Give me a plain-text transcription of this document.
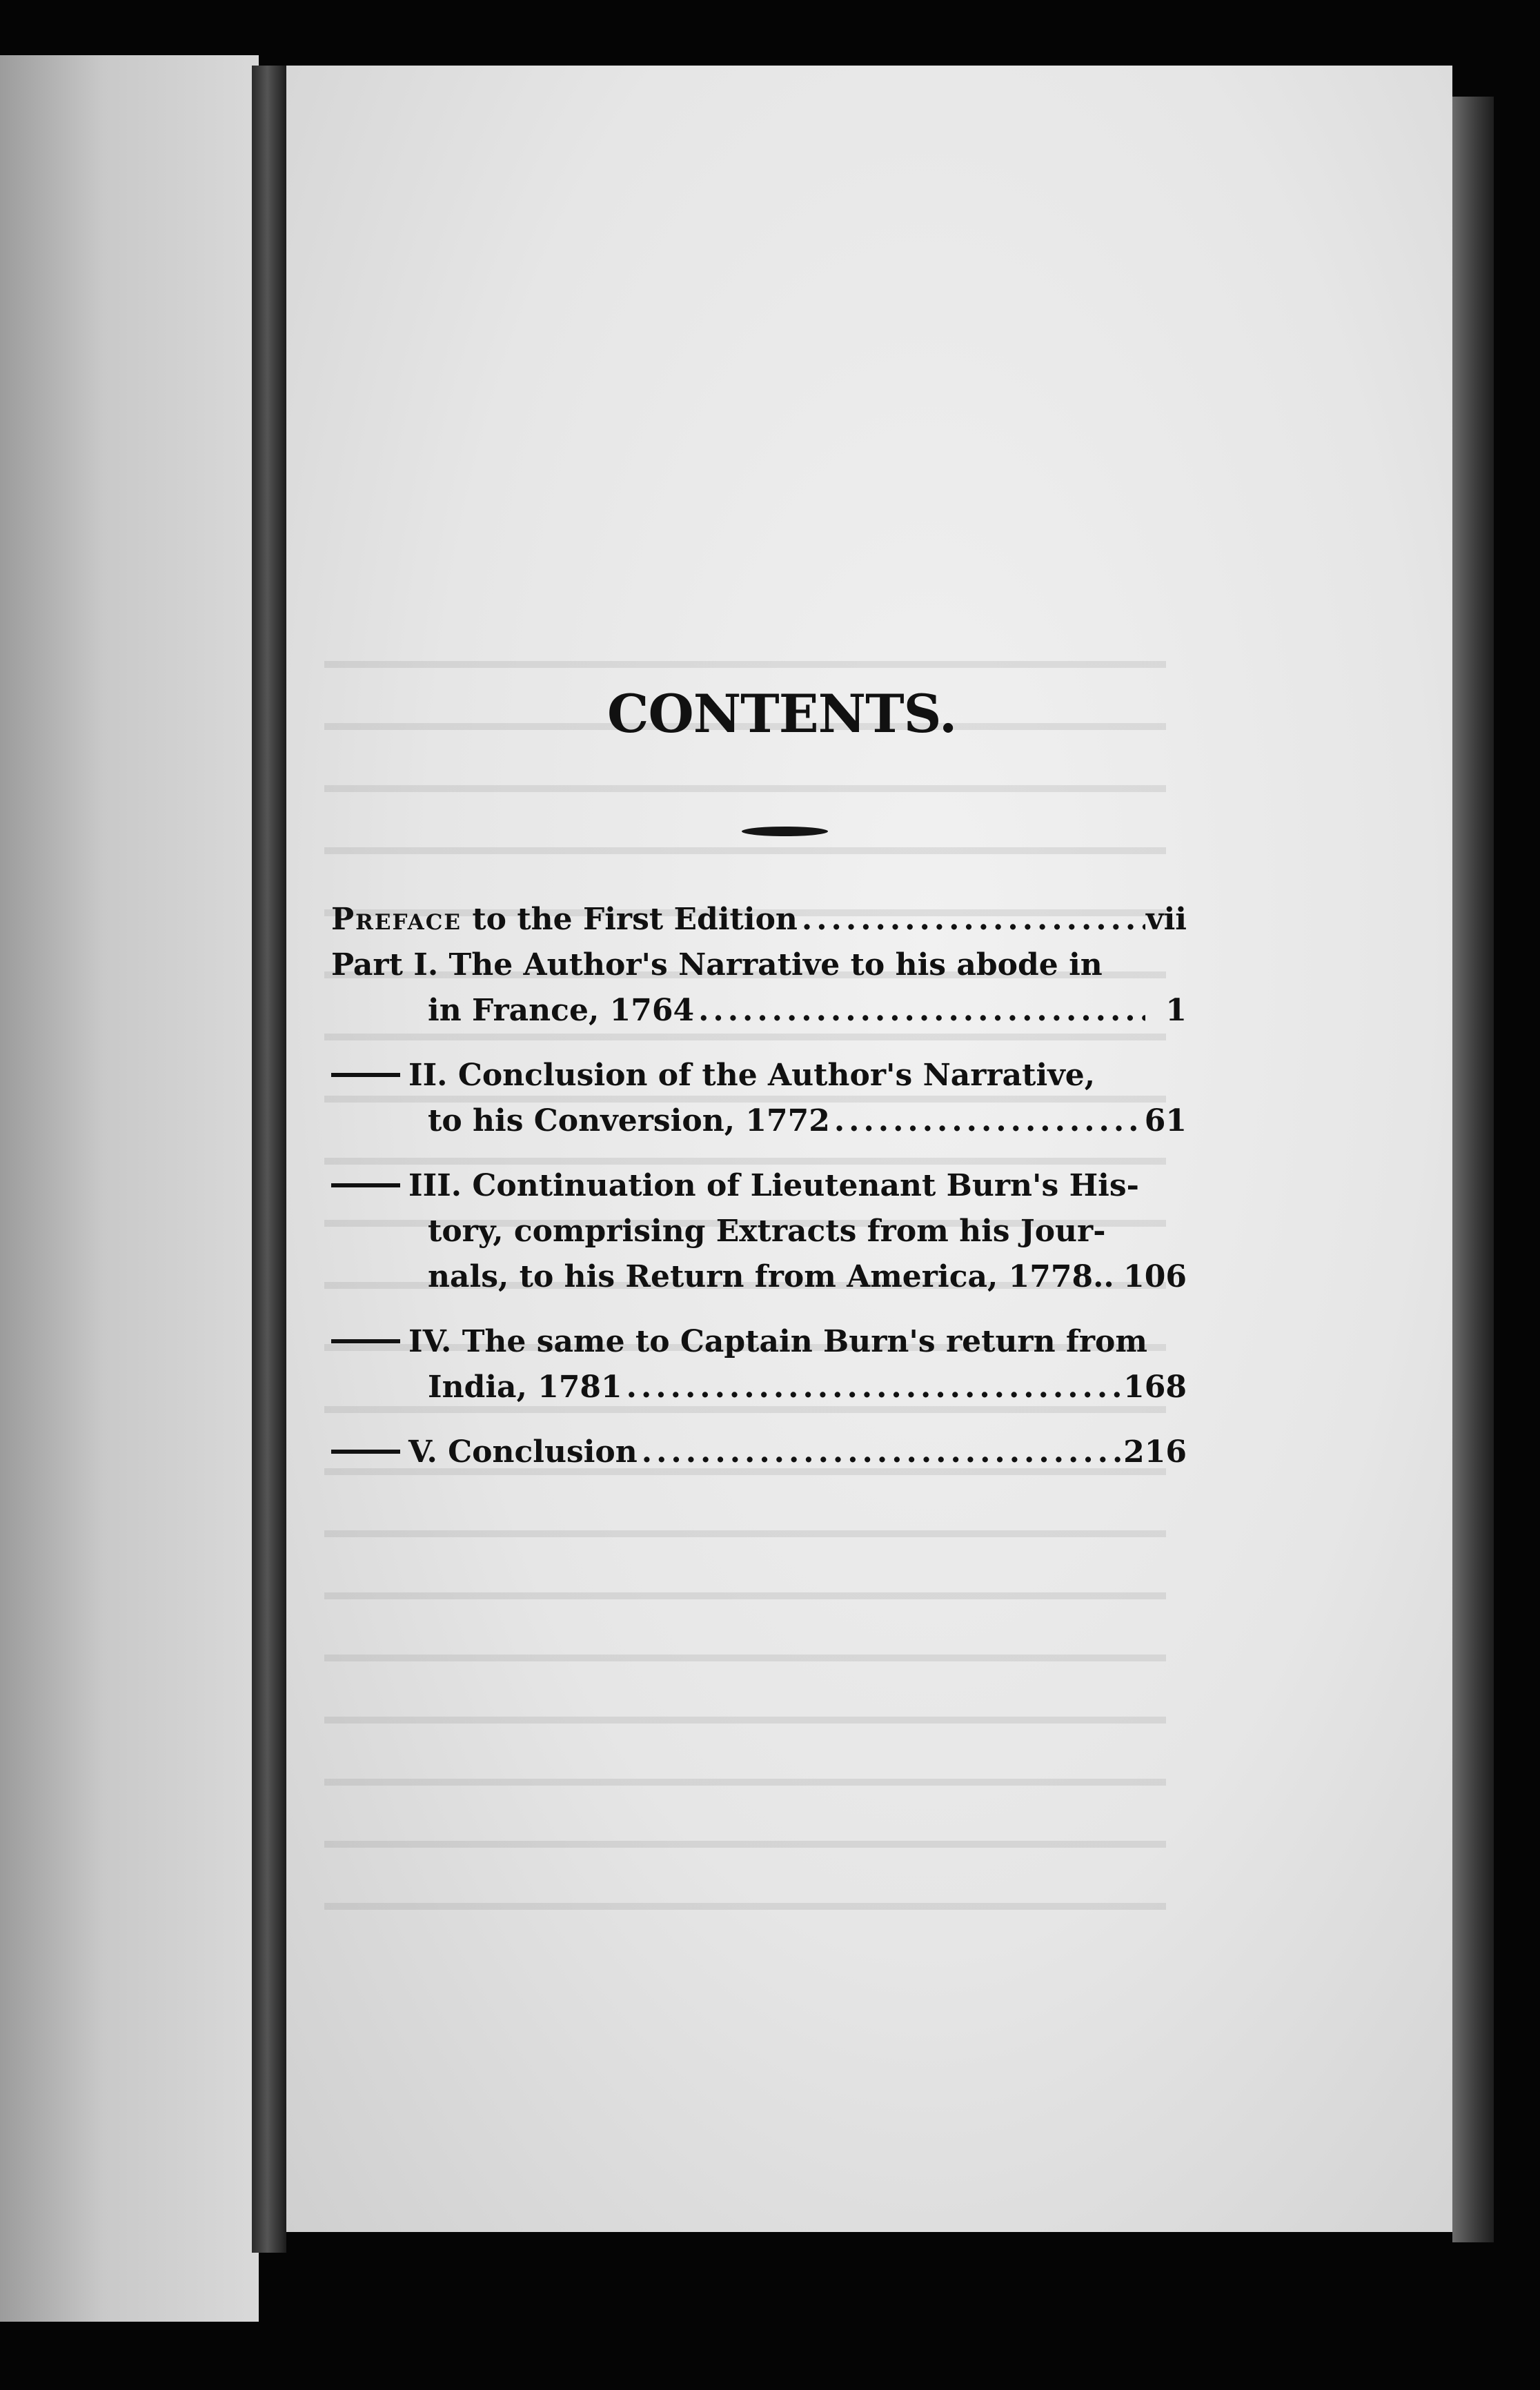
CONTENTS.
Preface to the First Edition .....	vii
Part I. The Author's Narrative to his abode in
in France, 1764 .....	1
II. Conclusion of the Author's Narrative,
to his Conversion, 1772 .....	61
III. Continuation of Lieutenant Burn's His-
tory, comprising Extracts from his Jour-
nals, to his Return from America, 1778.. 106
IV. The same to Captain Burn's return from
India, 1781 .....	168
V. Conclusion .....	216
